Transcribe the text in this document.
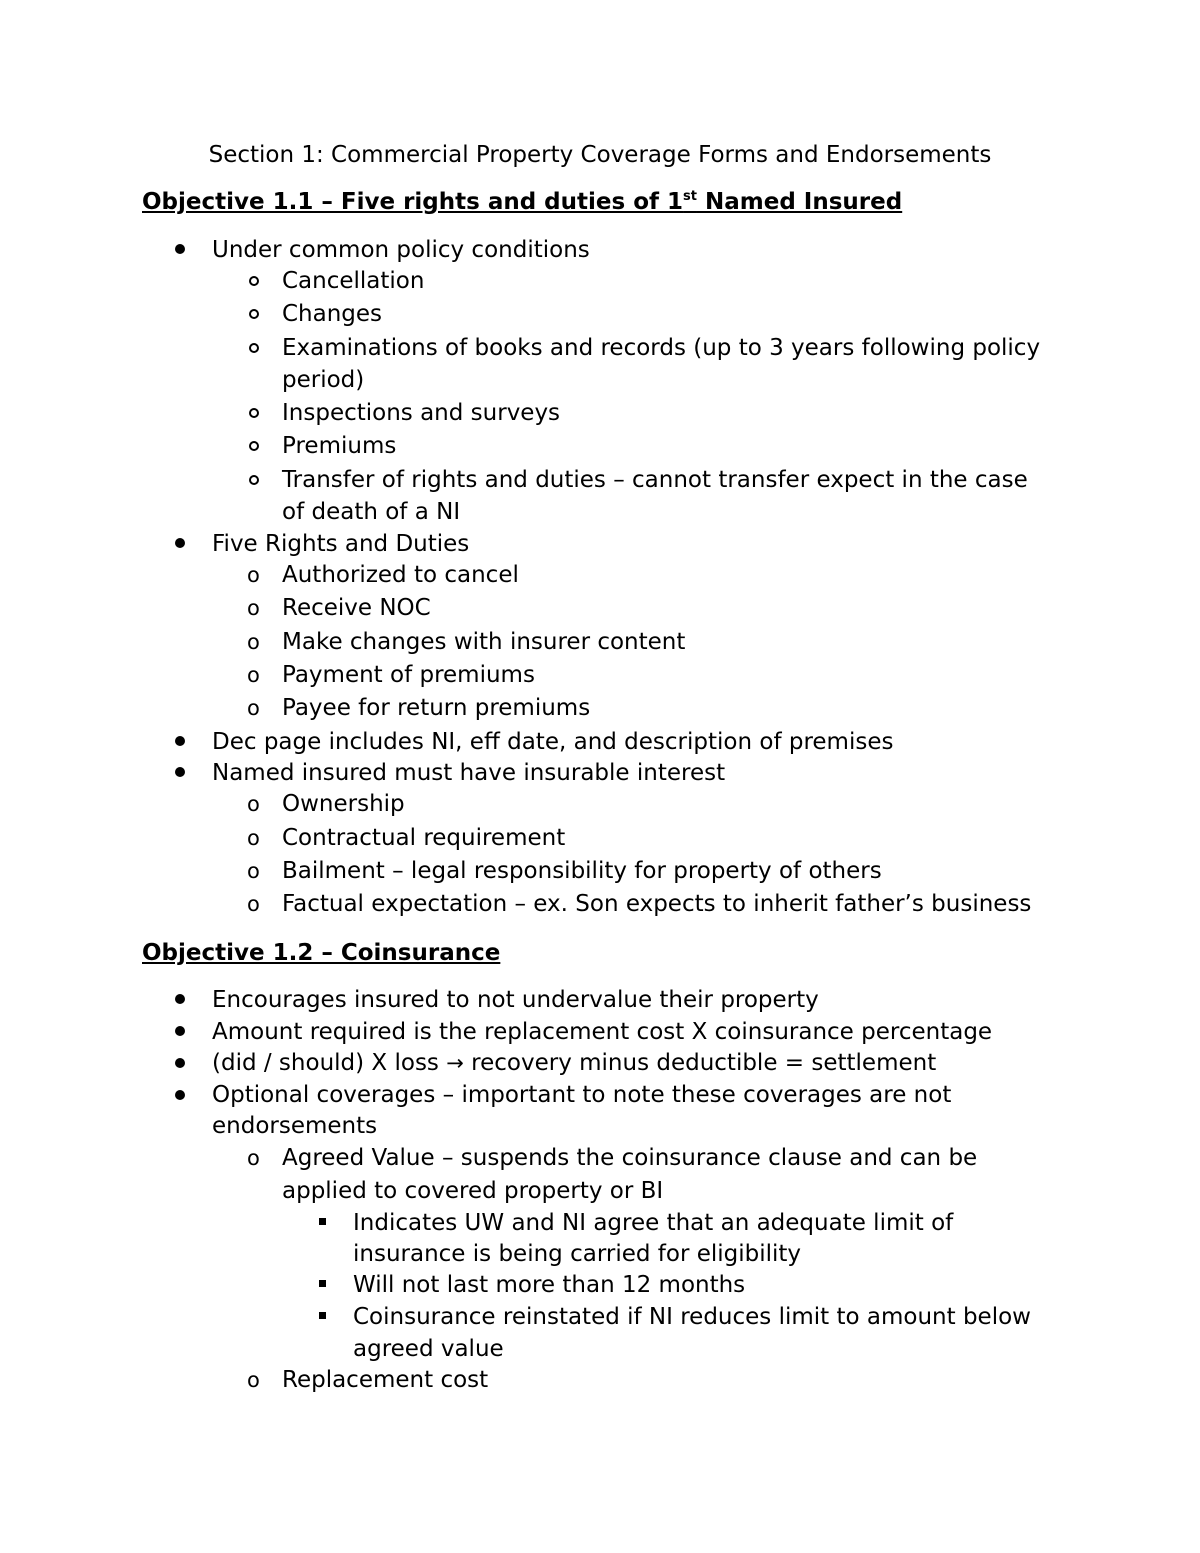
Section 1: Commercial Property Coverage Forms and Endorsements
Objective 1.1 – Five rights and duties of 1st Named Insured
Under common policy conditions
Cancellation
Changes
Examinations of books and records (up to 3 years following policy
period)
Inspections and surveys
Premiums
Transfer of rights and duties – cannot transfer expect in the case
of death of a NI
Five Rights and Duties
o Authorized to cancel
o Receive NOC
o Make changes with insurer content
o Payment of premiums
o Payee for return premiums
Dec page includes NI, eff date, and description of premises
Named insured must have insurable interest
o Ownership
o Contractual requirement
o Bailment – legal responsibility for property of others
o Factual expectation – ex. Son expects to inherit father’s business
Objective 1.2 – Coinsurance
Encourages insured to not undervalue their property
Amount required is the replacement cost X coinsurance percentage
(did / should) X loss → recovery minus deductible = settlement
Optional coverages – important to note these coverages are not
endorsements
o Agreed Value – suspends the coinsurance clause and can be
applied to covered property or BI
Indicates UW and NI agree that an adequate limit of
insurance is being carried for eligibility
Will not last more than 12 months
Coinsurance reinstated if NI reduces limit to amount below
agreed value
o Replacement cost
